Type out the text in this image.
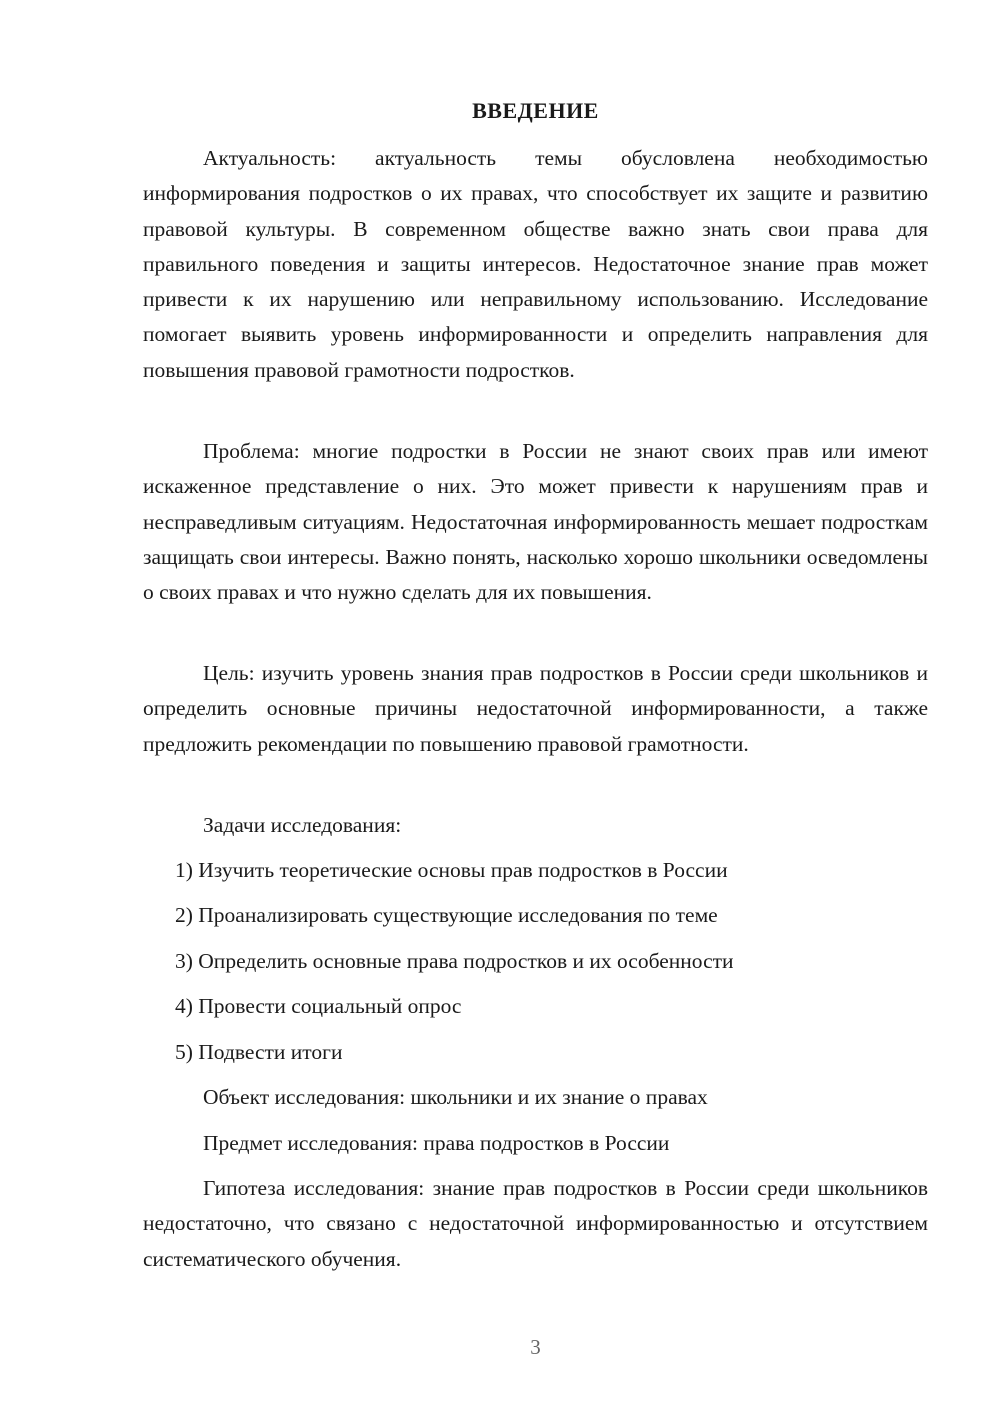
ВВЕДЕНИЕ

Актуальность: актуальность темы обусловлена необходимостью информирования подростков о их правах, что способствует их защите и развитию правовой культуры. В современном обществе важно знать свои права для правильного поведения и защиты интересов. Недостаточное знание прав может привести к их нарушению или неправильному использованию. Исследование помогает выявить уровень информированности и определить направления для повышения правовой грамотности подростков.

Проблема: многие подростки в России не знают своих прав или имеют искаженное представление о них. Это может привести к нарушениям прав и несправедливым ситуациям. Недостаточная информированность мешает подросткам защищать свои интересы. Важно понять, насколько хорошо школьники осведомлены о своих правах и что нужно сделать для их повышения.

Цель: изучить уровень знания прав подростков в России среди школьников и определить основные причины недостаточной информированности, а также предложить рекомендации по повышению правовой грамотности.

Задачи исследования:

1) Изучить теоретические основы прав подростков в России

2) Проанализировать существующие исследования по теме

3) Определить основные права подростков и их особенности

4) Провести социальный опрос

5) Подвести итоги

Объект исследования: школьники и их знание о правах

Предмет исследования: права подростков в России

Гипотеза исследования: знание прав подростков в России среди школьников недостаточно, что связано с недостаточной информированностью и отсутствием систематического обучения.

3
